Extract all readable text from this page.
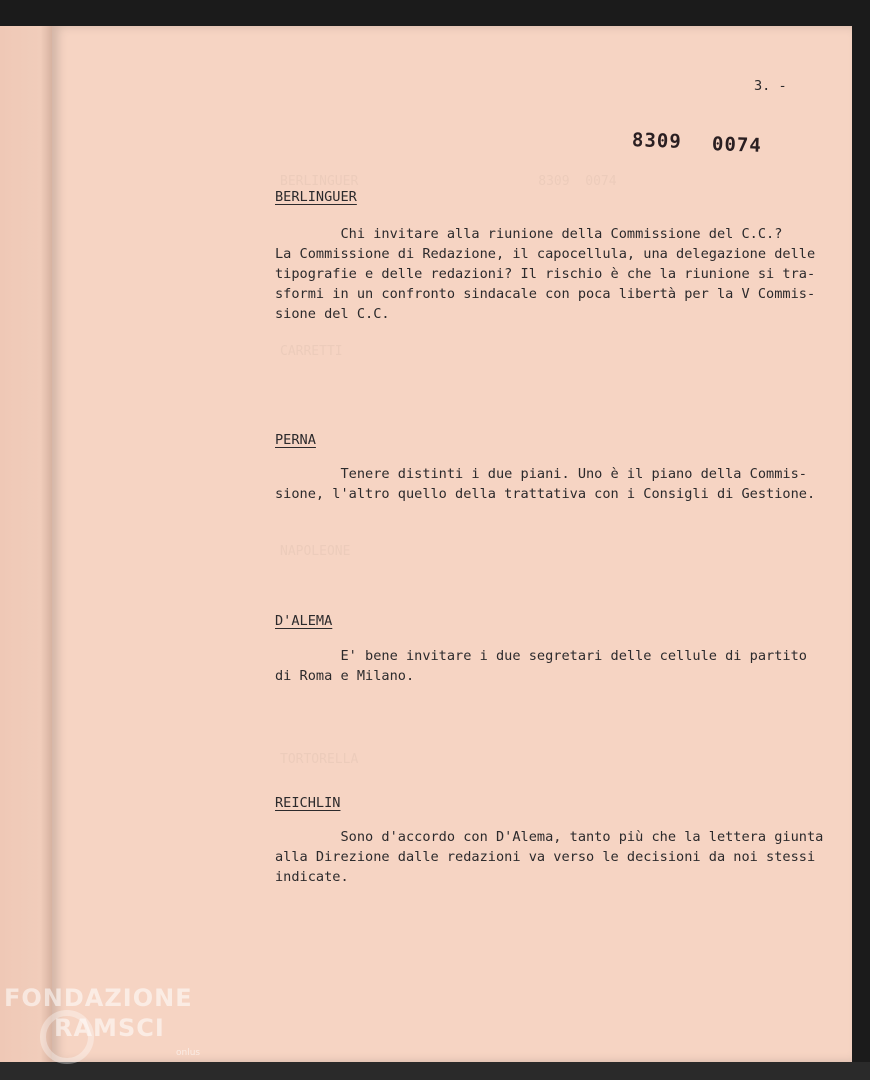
BERLINGUER                       8309  0074
CARRETTI
NAPOLEONE
TORTORELLA
3. -
8309 0074
BERLINGUER
Chi invitare alla riunione della Commissione del C.C.?
La Commissione di Redazione, il capocellula, una delegazione delle
tipografie e delle redazioni? Il rischio è che la riunione si tra-
sformi in un confronto sindacale con poca libertà per la V Commis-
sione del C.C.
PERNA
Tenere distinti i due piani. Uno è il piano della Commis-
sione, l'altro quello della trattativa con i Consigli di Gestione.
D'ALEMA
E' bene invitare i due segretari delle cellule di partito
di Roma e Milano.
REICHLIN
Sono d'accordo con D'Alema, tanto più che la lettera giunta
alla Direzione dalle redazioni va verso le decisioni da noi stessi
indicate.
FONDAZIONE
RAMSCI
onlus
